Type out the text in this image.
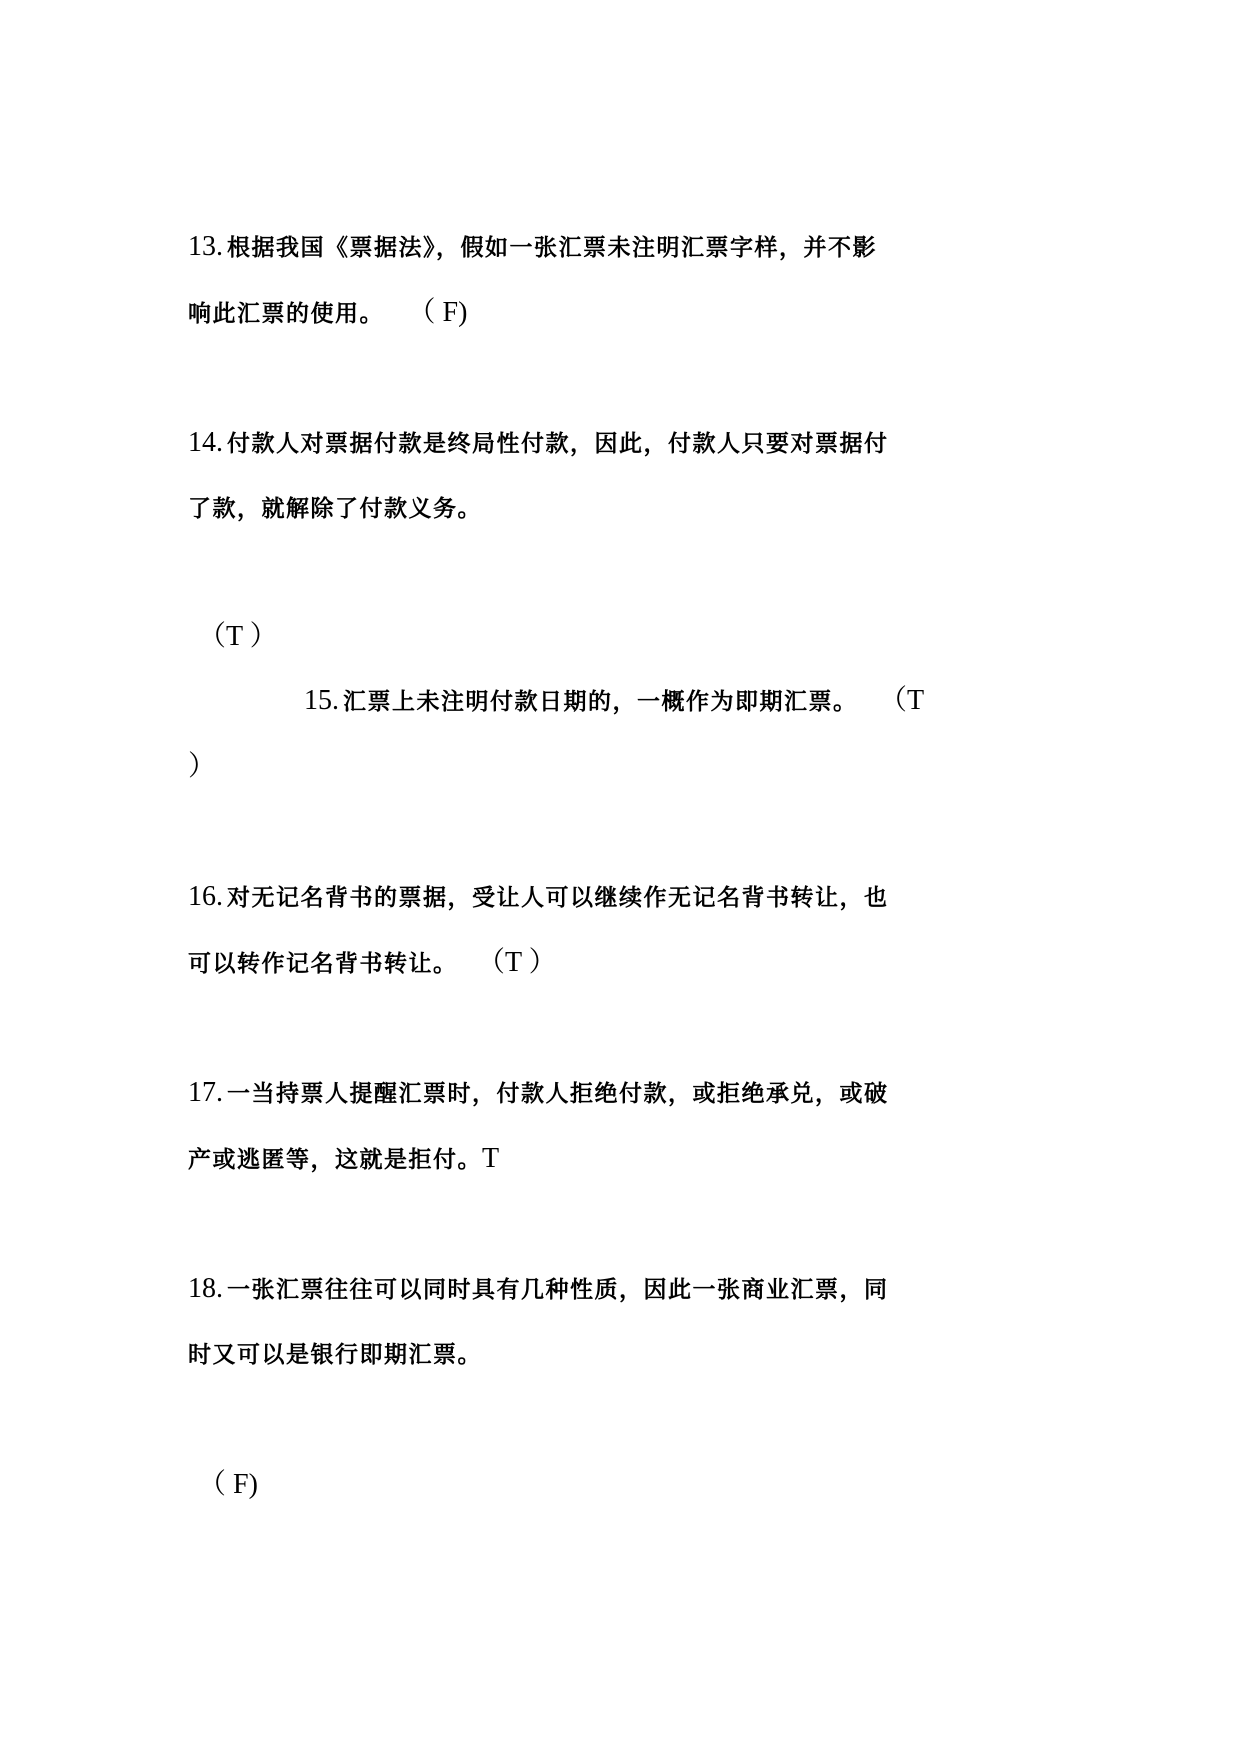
13. 根据我国《票据法》，假如一张汇票未注明汇票字样，并不影
响此汇票的使用。 （ F)
14. 付款人对票据付款是终局性付款，因此，付款人只要对票据付
了款，就解除了付款义务。
（T ）
15. 汇票上未注明付款日期的，一概作为即期汇票。 （T
）
16. 对无记名背书的票据，受让人可以继续作无记名背书转让，也
可以转作记名背书转让。 （T ）
17. 一当持票人提醒汇票时，付款人拒绝付款，或拒绝承兑，或破
产或逃匿等，这就是拒付。T
18. 一张汇票往往可以同时具有几种性质，因此一张商业汇票，同
时又可以是银行即期汇票。
（ F)
